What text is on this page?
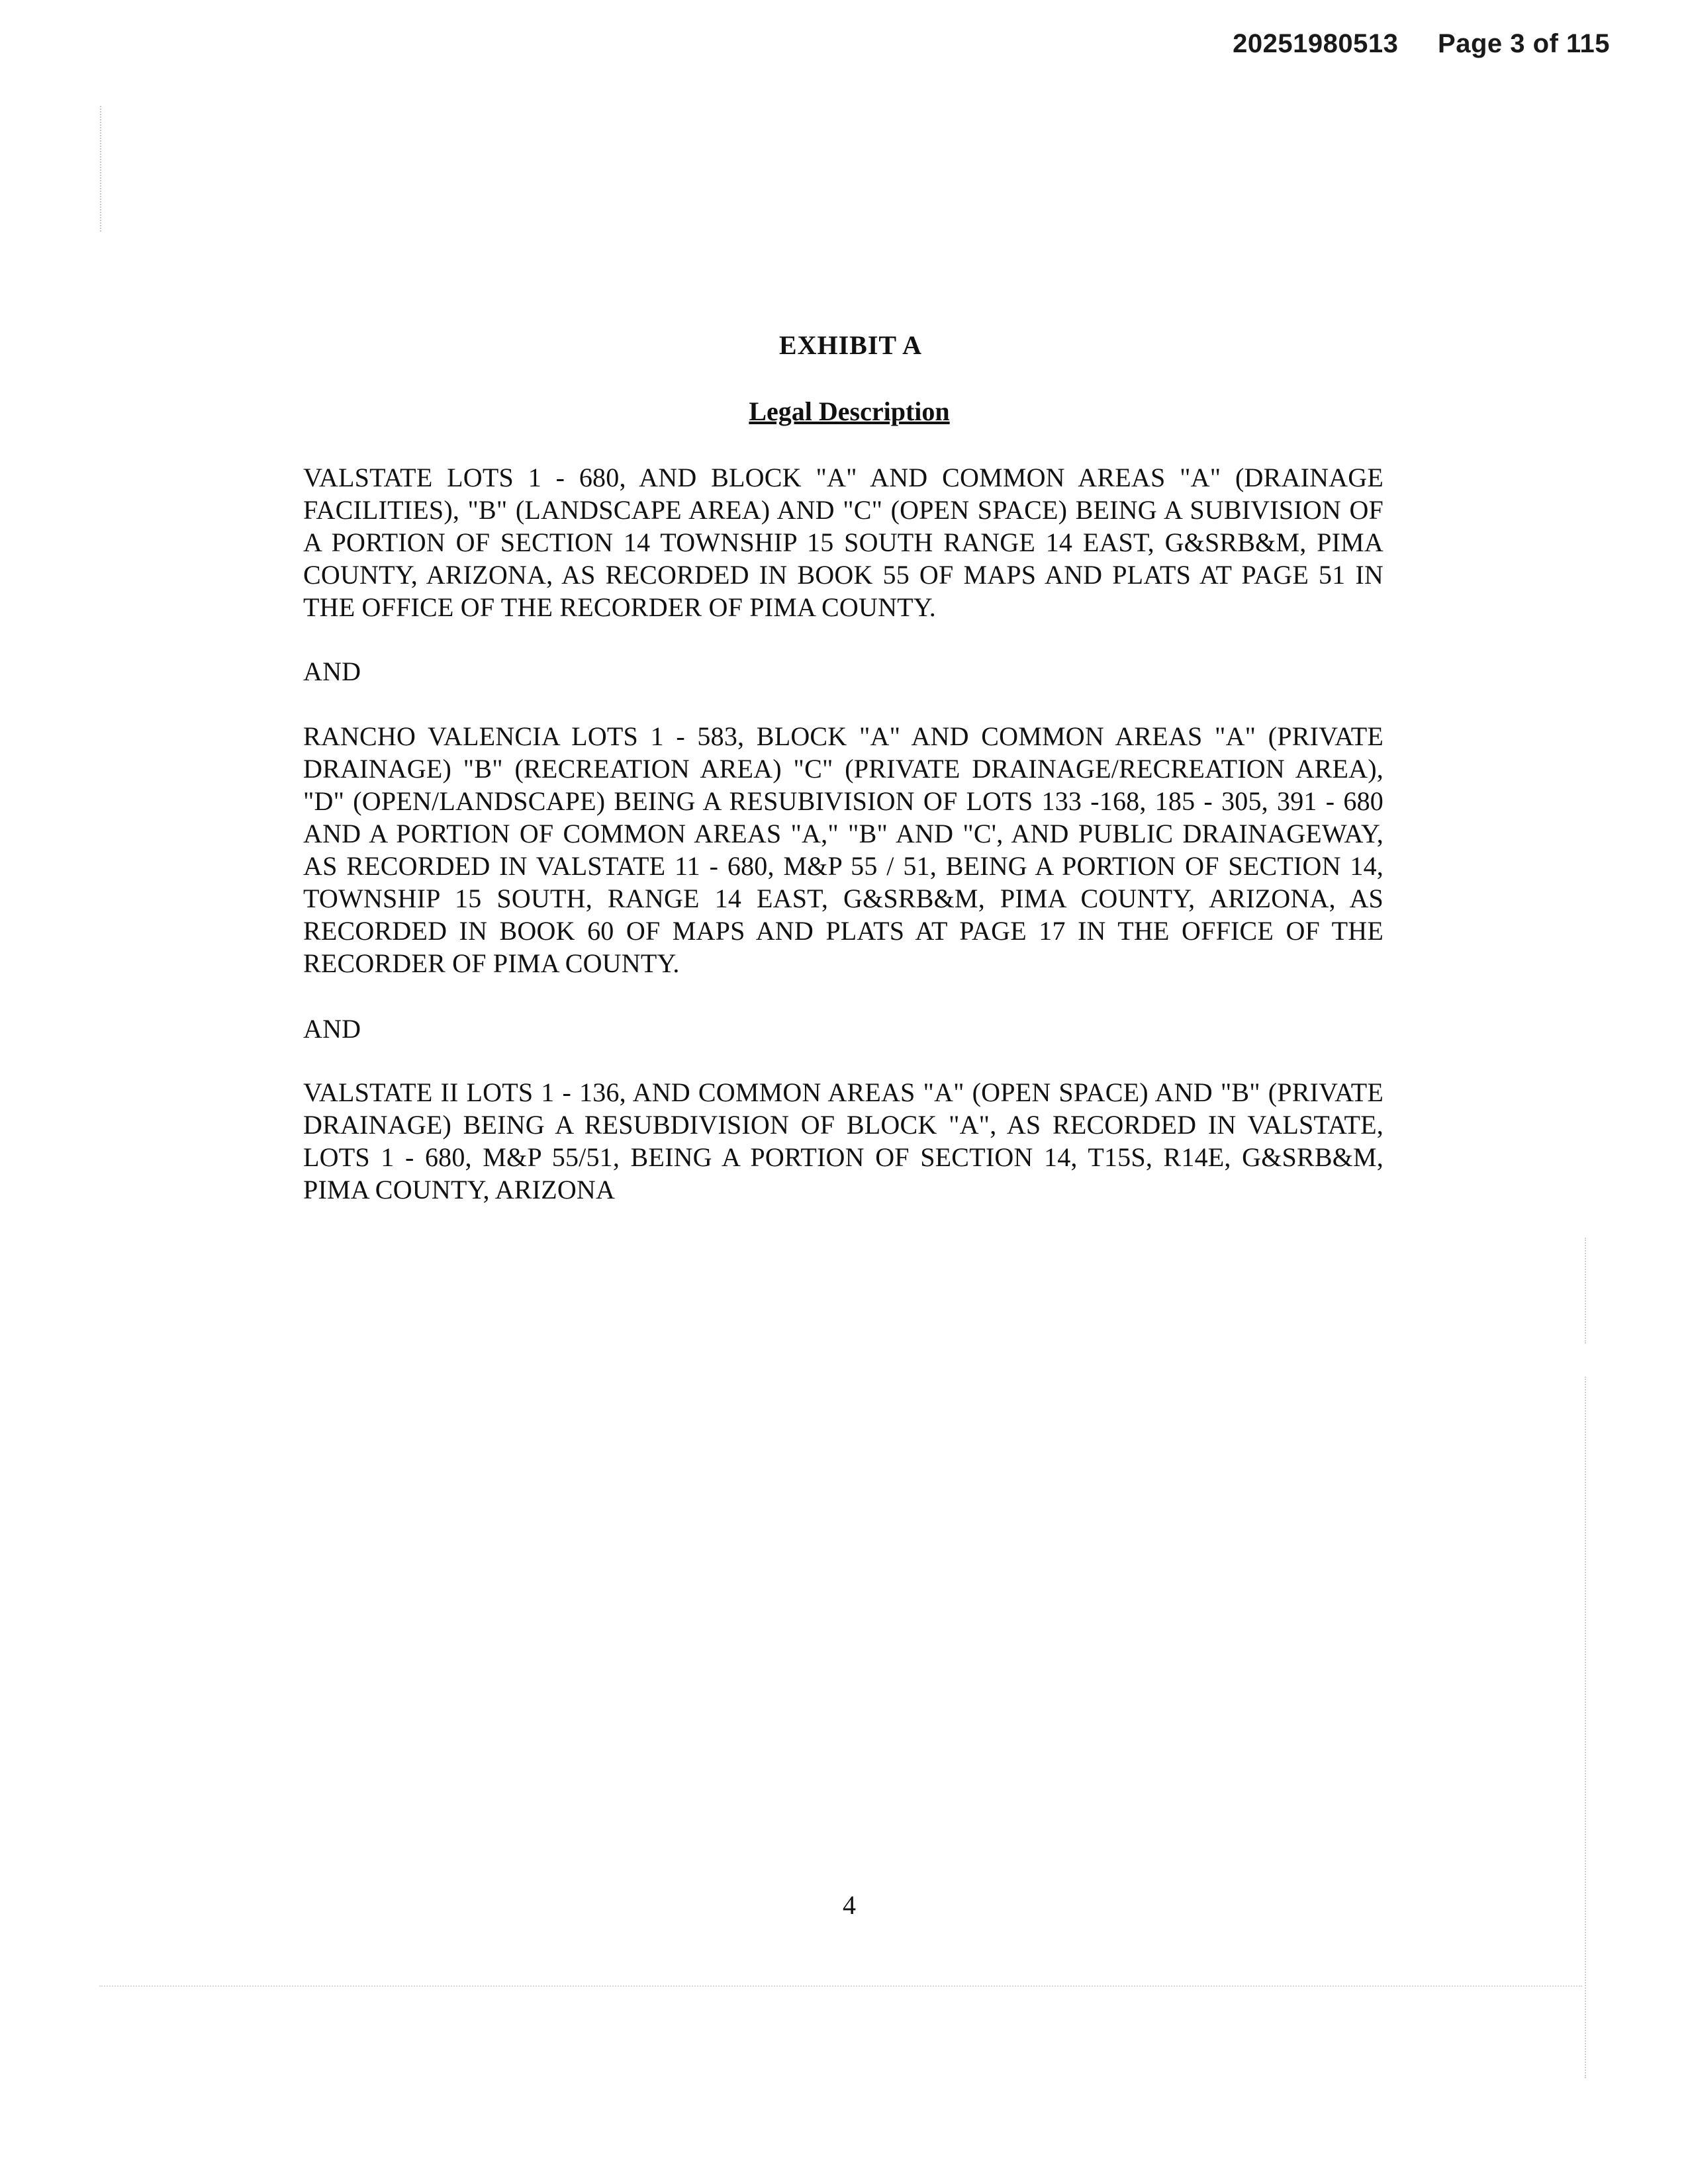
20251980513 Page 3 of 115
EXHIBIT A
Legal Description
VALSTATE LOTS 1 - 680, AND BLOCK "A" AND COMMON AREAS "A" (DRAINAGE FACILITIES), "B" (LANDSCAPE AREA) AND "C" (OPEN SPACE) BEING A SUBIVISION OF A PORTION OF SECTION 14 TOWNSHIP 15 SOUTH RANGE 14 EAST, G&SRB&M, PIMA COUNTY, ARIZONA, AS RECORDED IN BOOK 55 OF MAPS AND PLATS AT PAGE 51 IN THE OFFICE OF THE RECORDER OF PIMA COUNTY.
AND
RANCHO VALENCIA LOTS 1 - 583, BLOCK "A" AND COMMON AREAS "A" (PRIVATE DRAINAGE) "B" (RECREATION AREA) "C" (PRIVATE DRAINAGE/RECREATION AREA), "D" (OPEN/LANDSCAPE) BEING A RESUBIVISION OF LOTS 133 -168, 185 - 305, 391 - 680 AND A PORTION OF COMMON AREAS "A," "B" AND "C', AND PUBLIC DRAINAGEWAY, AS RECORDED IN VALSTATE 11 - 680, M&P 55 / 51, BEING A PORTION OF SECTION 14, TOWNSHIP 15 SOUTH, RANGE 14 EAST, G&SRB&M, PIMA COUNTY, ARIZONA, AS RECORDED IN BOOK 60 OF MAPS AND PLATS AT PAGE 17 IN THE OFFICE OF THE RECORDER OF PIMA COUNTY.
AND
VALSTATE II LOTS 1 - 136, AND COMMON AREAS "A" (OPEN SPACE) AND "B" (PRIVATE DRAINAGE) BEING A RESUBDIVISION OF BLOCK "A", AS RECORDED IN VALSTATE, LOTS 1 - 680, M&P 55/51, BEING A PORTION OF SECTION 14, T15S, R14E, G&SRB&M, PIMA COUNTY, ARIZONA
4
